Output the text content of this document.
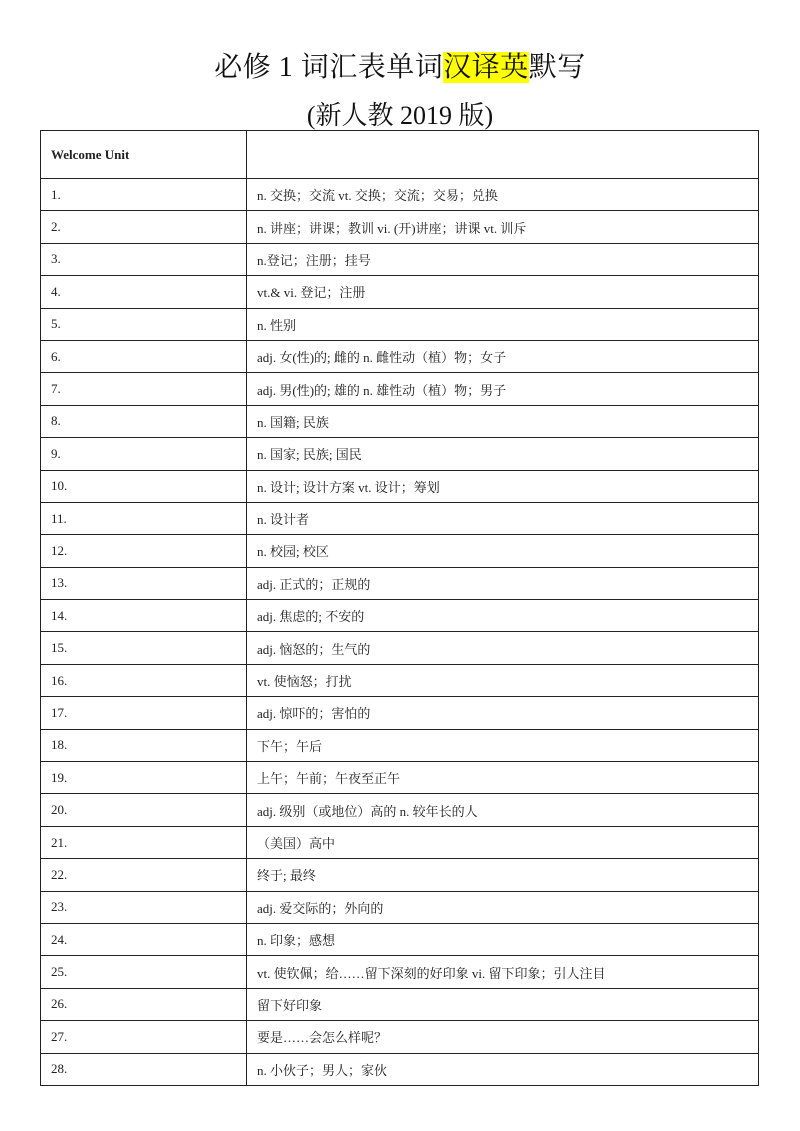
必修 1 词汇表单词汉译英默写
(新人教 2019 版)
Welcome Unit	
1.	n. 交换；交流 vt. 交换；交流；交易；兑换
2.	n. 讲座；讲课；教训 vi. (开)讲座；讲课 vt. 训斥
3.	n.登记；注册；挂号
4.	vt.& vi. 登记；注册
5.	n. 性别
6.	adj. 女(性)的; 雌的 n. 雌性动（植）物；女子
7.	adj. 男(性)的; 雄的 n. 雄性动（植）物；男子
8.	n. 国籍; 民族
9.	n. 国家; 民族; 国民
10.	n. 设计; 设计方案 vt. 设计；筹划
11.	n. 设计者
12.	n. 校园; 校区
13.	adj. 正式的；正规的
14.	adj. 焦虑的; 不安的
15.	adj. 恼怒的；生气的
16.	vt. 使恼怒；打扰
17.	adj. 惊吓的；害怕的
18.	下午；午后
19.	上午；午前；午夜至正午
20.	adj. 级别（或地位）高的 n. 较年长的人
21.	（美国）高中
22.	终于; 最终
23.	adj. 爱交际的；外向的
24.	n. 印象；感想
25.	vt. 使钦佩；给……留下深刻的好印象 vi. 留下印象；引人注目
26.	留下好印象
27.	要是……会怎么样呢？
28.	n. 小伙子；男人；家伙
